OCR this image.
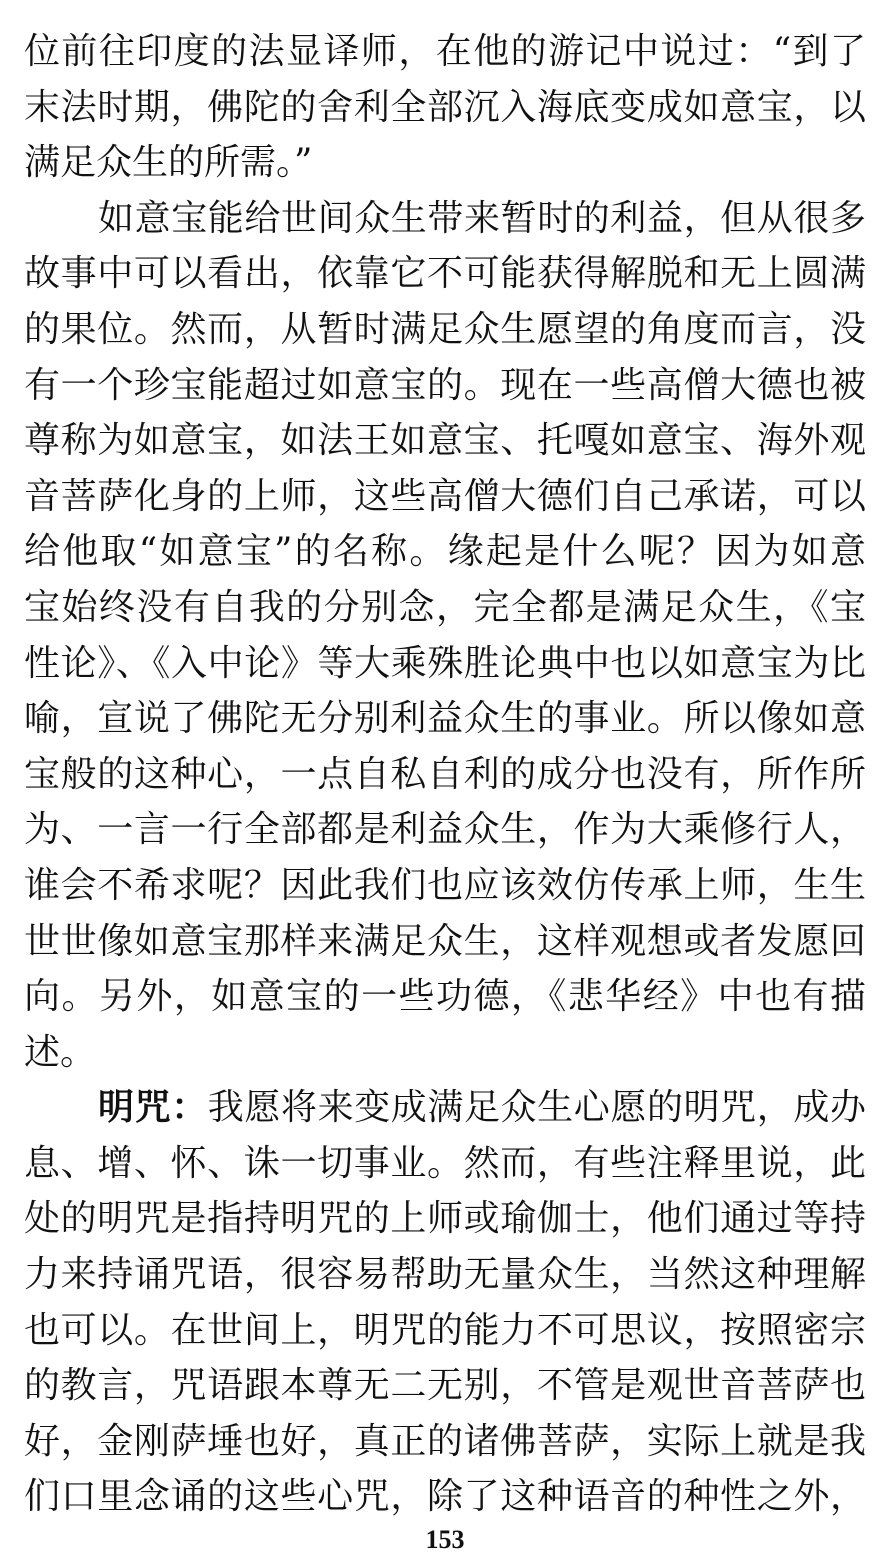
位前往印度的法显译师，在他的游记中说过：“到了
末法时期，佛陀的舍利全部沉入海底变成如意宝，以
满足众生的所需。”
如意宝能给世间众生带来暂时的利益，但从很多
故事中可以看出，依靠它不可能获得解脱和无上圆满
的果位。然而，从暂时满足众生愿望的角度而言，没
有一个珍宝能超过如意宝的。现在一些高僧大德也被
尊称为如意宝，如法王如意宝、托嘎如意宝、海外观
音菩萨化身的上师，这些高僧大德们自己承诺，可以
给他取“如意宝”的名称。缘起是什么呢？因为如意
宝始终没有自我的分别念，完全都是满足众生，《宝
性论》、《入中论》等大乘殊胜论典中也以如意宝为比
喻，宣说了佛陀无分别利益众生的事业。所以像如意
宝般的这种心，一点自私自利的成分也没有，所作所
为、一言一行全部都是利益众生，作为大乘修行人，
谁会不希求呢？因此我们也应该效仿传承上师，生生
世世像如意宝那样来满足众生，这样观想或者发愿回
向。另外，如意宝的一些功德，《悲华经》中也有描
述。
明咒：我愿将来变成满足众生心愿的明咒，成办
息、增、怀、诛一切事业。然而，有些注释里说，此
处的明咒是指持明咒的上师或瑜伽士，他们通过等持
力来持诵咒语，很容易帮助无量众生，当然这种理解
也可以。在世间上，明咒的能力不可思议，按照密宗
的教言，咒语跟本尊无二无别，不管是观世音菩萨也
好，金刚萨埵也好，真正的诸佛菩萨，实际上就是我
们口里念诵的这些心咒，除了这种语音的种性之外，
153
